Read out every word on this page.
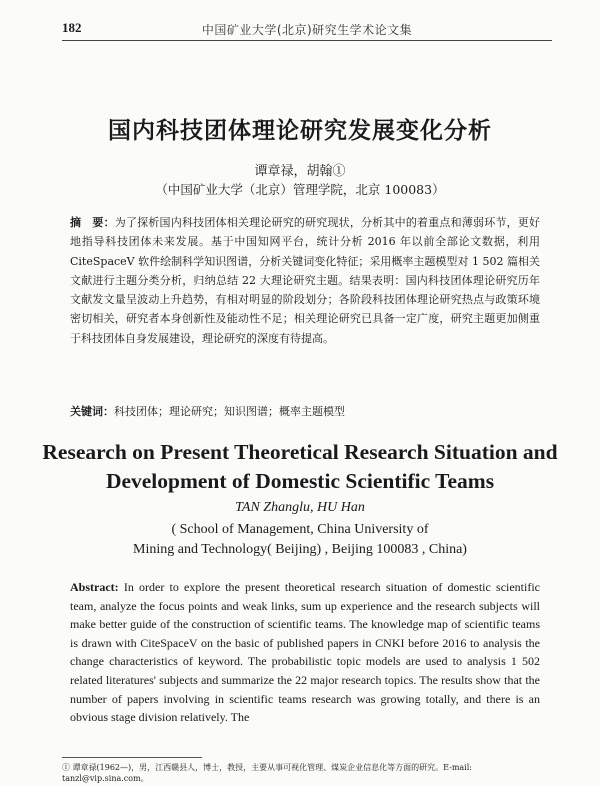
182	中国矿业大学(北京)研究生学术论文集
国内科技团体理论研究发展变化分析
谭章禄，胡翰①
（中国矿业大学（北京）管理学院，北京 100083）
摘　要：为了探析国内科技团体相关理论研究的研究现状，分析其中的着重点和薄弱环节，更好地指导科技团体未来发展。基于中国知网平台，统计分析 2016 年以前全部论文数据，利用 CiteSpaceV 软件绘制科学知识图谱，分析关键词变化特征；采用概率主题模型对 1 502 篇相关文献进行主题分类分析，归纳总结 22 大理论研究主题。结果表明：国内科技团体理论研究历年文献发文量呈波动上升趋势，有相对明显的阶段划分；各阶段科技团体理论研究热点与政策环境密切相关，研究者本身创新性及能动性不足；相关理论研究已具备一定广度，研究主题更加侧重于科技团体自身发展建设，理论研究的深度有待提高。
关键词：科技团体；理论研究；知识图谱；概率主题模型
Research on Present Theoretical Research Situation and
Development of Domestic Scientific Teams
TAN Zhanglu, HU Han
( School of Management, China University of
Mining and Technology( Beijing) , Beijing 100083 , China)
Abstract: In order to explore the present theoretical research situation of domestic scientific team, analyze the focus points and weak links, sum up experience and the research subjects will make better guide of the construction of scientific teams. The knowledge map of scientific teams is drawn with CiteSpaceV on the basic of published papers in CNKI before 2016 to analysis the change characteristics of keyword. The probabilistic topic models are used to analysis 1 502 related literatures' subjects and summarize the 22 major research topics. The results show that the number of papers involving in scientific teams research was growing totally, and there is an obvious stage division relatively. The
① 谭章禄(1962—)，男，江西赣县人，博士，教授，主要从事可视化管理、煤炭企业信息化等方面的研究。E-mail: tanzl@vip.sina.com。
